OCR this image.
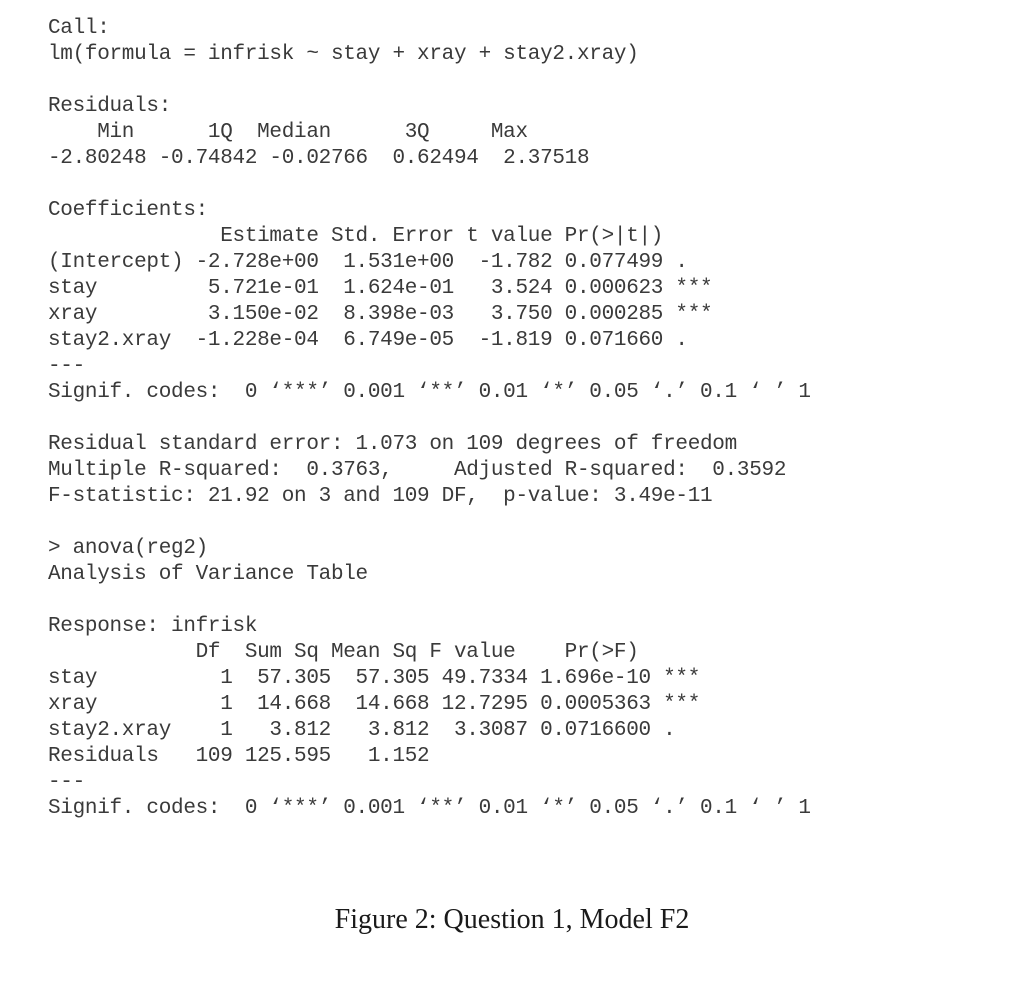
Call:
lm(formula = infrisk ~ stay + xray + stay2.xray)
Residuals:
Min      1Q  Median      3Q     Max
-2.80248 -0.74842 -0.02766  0.62494  2.37518
Coefficients:
Estimate Std. Error t value Pr(>|t|)
(Intercept) -2.728e+00  1.531e+00  -1.782 0.077499 .
stay         5.721e-01  1.624e-01   3.524 0.000623 ***
xray         3.150e-02  8.398e-03   3.750 0.000285 ***
stay2.xray  -1.228e-04  6.749e-05  -1.819 0.071660 .
---
Signif. codes:  0 ‘***’ 0.001 ‘**’ 0.01 ‘*’ 0.05 ‘.’ 0.1 ‘ ’ 1
Residual standard error: 1.073 on 109 degrees of freedom
Multiple R-squared:  0.3763,     Adjusted R-squared:  0.3592
F-statistic: 21.92 on 3 and 109 DF,  p-value: 3.49e-11
> anova(reg2)
Analysis of Variance Table
Response: infrisk
Df  Sum Sq Mean Sq F value    Pr(>F)
stay          1  57.305  57.305 49.7334 1.696e-10 ***
xray          1  14.668  14.668 12.7295 0.0005363 ***
stay2.xray    1   3.812   3.812  3.3087 0.0716600 .
Residuals   109 125.595   1.152
---
Signif. codes:  0 ‘***’ 0.001 ‘**’ 0.01 ‘*’ 0.05 ‘.’ 0.1 ‘ ’ 1
Figure 2: Question 1, Model F2
